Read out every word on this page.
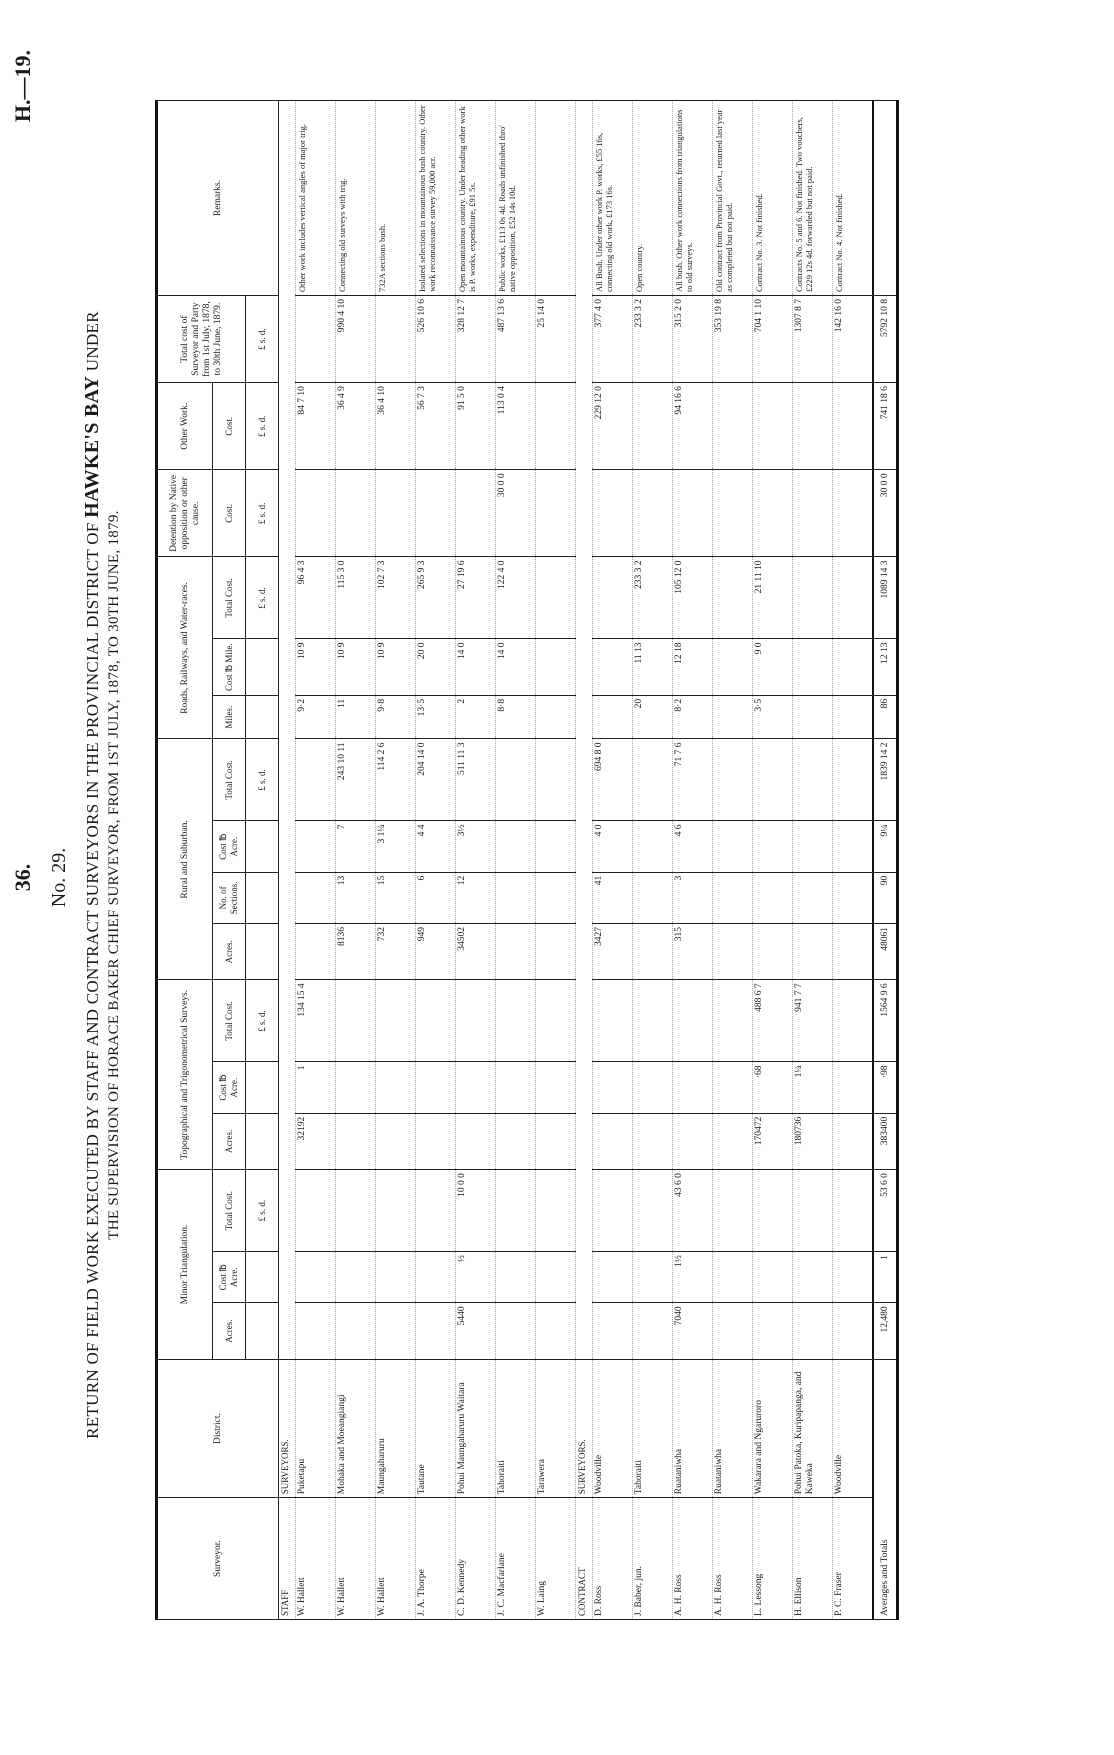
36.
H.—19.
No. 29. RETURN OF FIELD WORK EXECUTED BY STAFF AND CONTRACT SURVEYORS IN THE PROVINCIAL DISTRICT OF HAWKE'S BAY UNDER
THE SUPERVISION OF HORACE BAKER CHIEF SURVEYOR, FROM 1ST JULY, 1878, TO 30TH JUNE, 1879.
Surveyor.	District.	Minor Triangulation.			Topographical and Trigonometrical Surveys.			Rural and Suburban.				Roads, Railways, and Water-races.			Detention by Native opposition or other cause.	Other Work.	Total cost of Surveyor and Party from 1st July, 1878, to 30th June, 1879.	Remarks.
		Acres.	Cost ℔ Acre.	Total Cost.	Acres.	Cost ℔ Acre.	Total Cost.	Acres.	No. of Sections.	Cost ℔ Acre.	Total Cost.	Miles.	Cost ℔ Mile.	Total Cost.	Cost.	Cost.		
				£ s. d.			£ s. d.				£ s. d.			£ s. d.	£ s. d.	£ s. d.	£ s. d.	
STAFF	SURVEYORS.																	
W. Hallett	Puketapu				32192	1	134 15 4					9·2	10 9	96 4 3		84 7 10		Other work includes vertical angles of major trig.
W. Hallett	Mohaka and Moeangiangi							8136	13	7	243 10 11	11	10 9	115 3 0		36 4 9	990 4 10	Connecting old surveys with trig.
W. Hallett	Maungaharuru							732	15	3 1¼	114 2 6	9·8	10 9	102 7 3		36 4 10		732A sections bush.
J. A. Thorpe	Tautane							949	6	4 4	204 14 0	13·5	20 0	265 9 3		56 7 3	526 10 6	Isolated selections in mountainous bush country. Other work reconnaissance survey 59,000 acr.
C. D. Kennedy	Pohui Maungaharuru Waitara	5440	½	10 0 0				34502	12	3½	511 11 3	2	14 0	27 19 6		91 5 0	328 12 7	Open mountainous country. Under heading other work is P. works, expenditure, £91 5s.
J. C. Macfarlane	Tahoraiti											8·8	14 0	122 4 0	30 0 0	113 0 4	487 13 6	Public works, £113 0s 4d. Roads unfinished thro' native opposition, £52 14s 10d.
W. Laing	Tarawera																25 14 0	
CONTRACT	SURVEYORS.																	
D. Ross	Woodville							3427	41	4 0	694 8 0					229 12 0	377 4 0	All Bush. Under other work P. works, £55 16s, connecting old work, £173 16s.
J. Baber, jun.	Tahoraiti											20	11 13	233 3 2			233 3 2	Open country.
A. H. Ross	Ruataniwha	7040	1½	43 6 0				315	3	4 6	71 7 6	8·2	12 18	105 12 0		94 16 6	315 2 0	All bush. Other work connections from triangulations to old surveys.
A. H. Ross	Ruataniwha																353 19 8	Old contract from Provincial Govt., returned last year as completed but not paid.
L. Lessong	Wakarara and Ngaruroro				170472	·68	488 6 7					3·5	9 0	21 11 10			704 1 10	Contract No. 3. Not finished.
H. Ellison	Pohui Patoka, Kuripapanga, and Kaweka				180736	1¼	941 7 7										1307 8 7	Contracts No. 5 and 6. Not finished. Two vouchers, £229 12s 4d. forwarded but not paid.
P. C. Fraser	Woodville																142 16 0	Contract No. 4. Not finished.
Averages and Totals		12,480	1	53 6 0	383400	·98	1564 9 6	48061	90	9¼	1839 14 2	86	12 13	1089 14 3	30 0 0	741 18 6	5792 10 8	
